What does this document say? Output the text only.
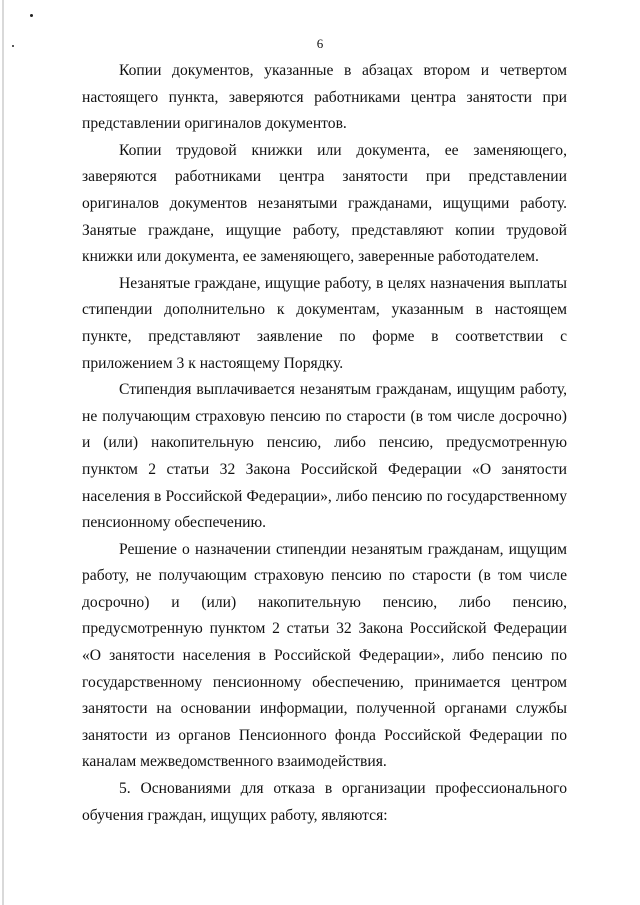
6

Копии документов, указанные в абзацах втором и четвертом настоящего пункта, заверяются работниками центра занятости при представлении оригиналов документов.

Копии трудовой книжки или документа, ее заменяющего, заверяются работниками центра занятости при представлении оригиналов документов незанятыми гражданами, ищущими работу. Занятые граждане, ищущие работу, представляют копии трудовой книжки или документа, ее заменяющего, заверенные работодателем.

Незанятые граждане, ищущие работу, в целях назначения выплаты стипендии дополнительно к документам, указанным в настоящем пункте, представляют заявление по форме в соответствии с приложением 3 к настоящему Порядку.

Стипендия выплачивается незанятым гражданам, ищущим работу, не получающим страховую пенсию по старости (в том числе досрочно) и (или) накопительную пенсию, либо пенсию, предусмотренную пунктом 2 статьи 32 Закона Российской Федерации «О занятости населения в Российской Федерации», либо пенсию по государственному пенсионному обеспечению.

Решение о назначении стипендии незанятым гражданам, ищущим работу, не получающим страховую пенсию по старости (в том числе досрочно) и (или) накопительную пенсию, либо пенсию, предусмотренную пунктом 2 статьи 32 Закона Российской Федерации «О занятости населения в Российской Федерации», либо пенсию по государственному пенсионному обеспечению, принимается центром занятости на основании информации, полученной органами службы занятости из органов Пенсионного фонда Российской Федерации по каналам межведомственного взаимодействия.

5. Основаниями для отказа в организации профессионального обучения граждан, ищущих работу, являются:
